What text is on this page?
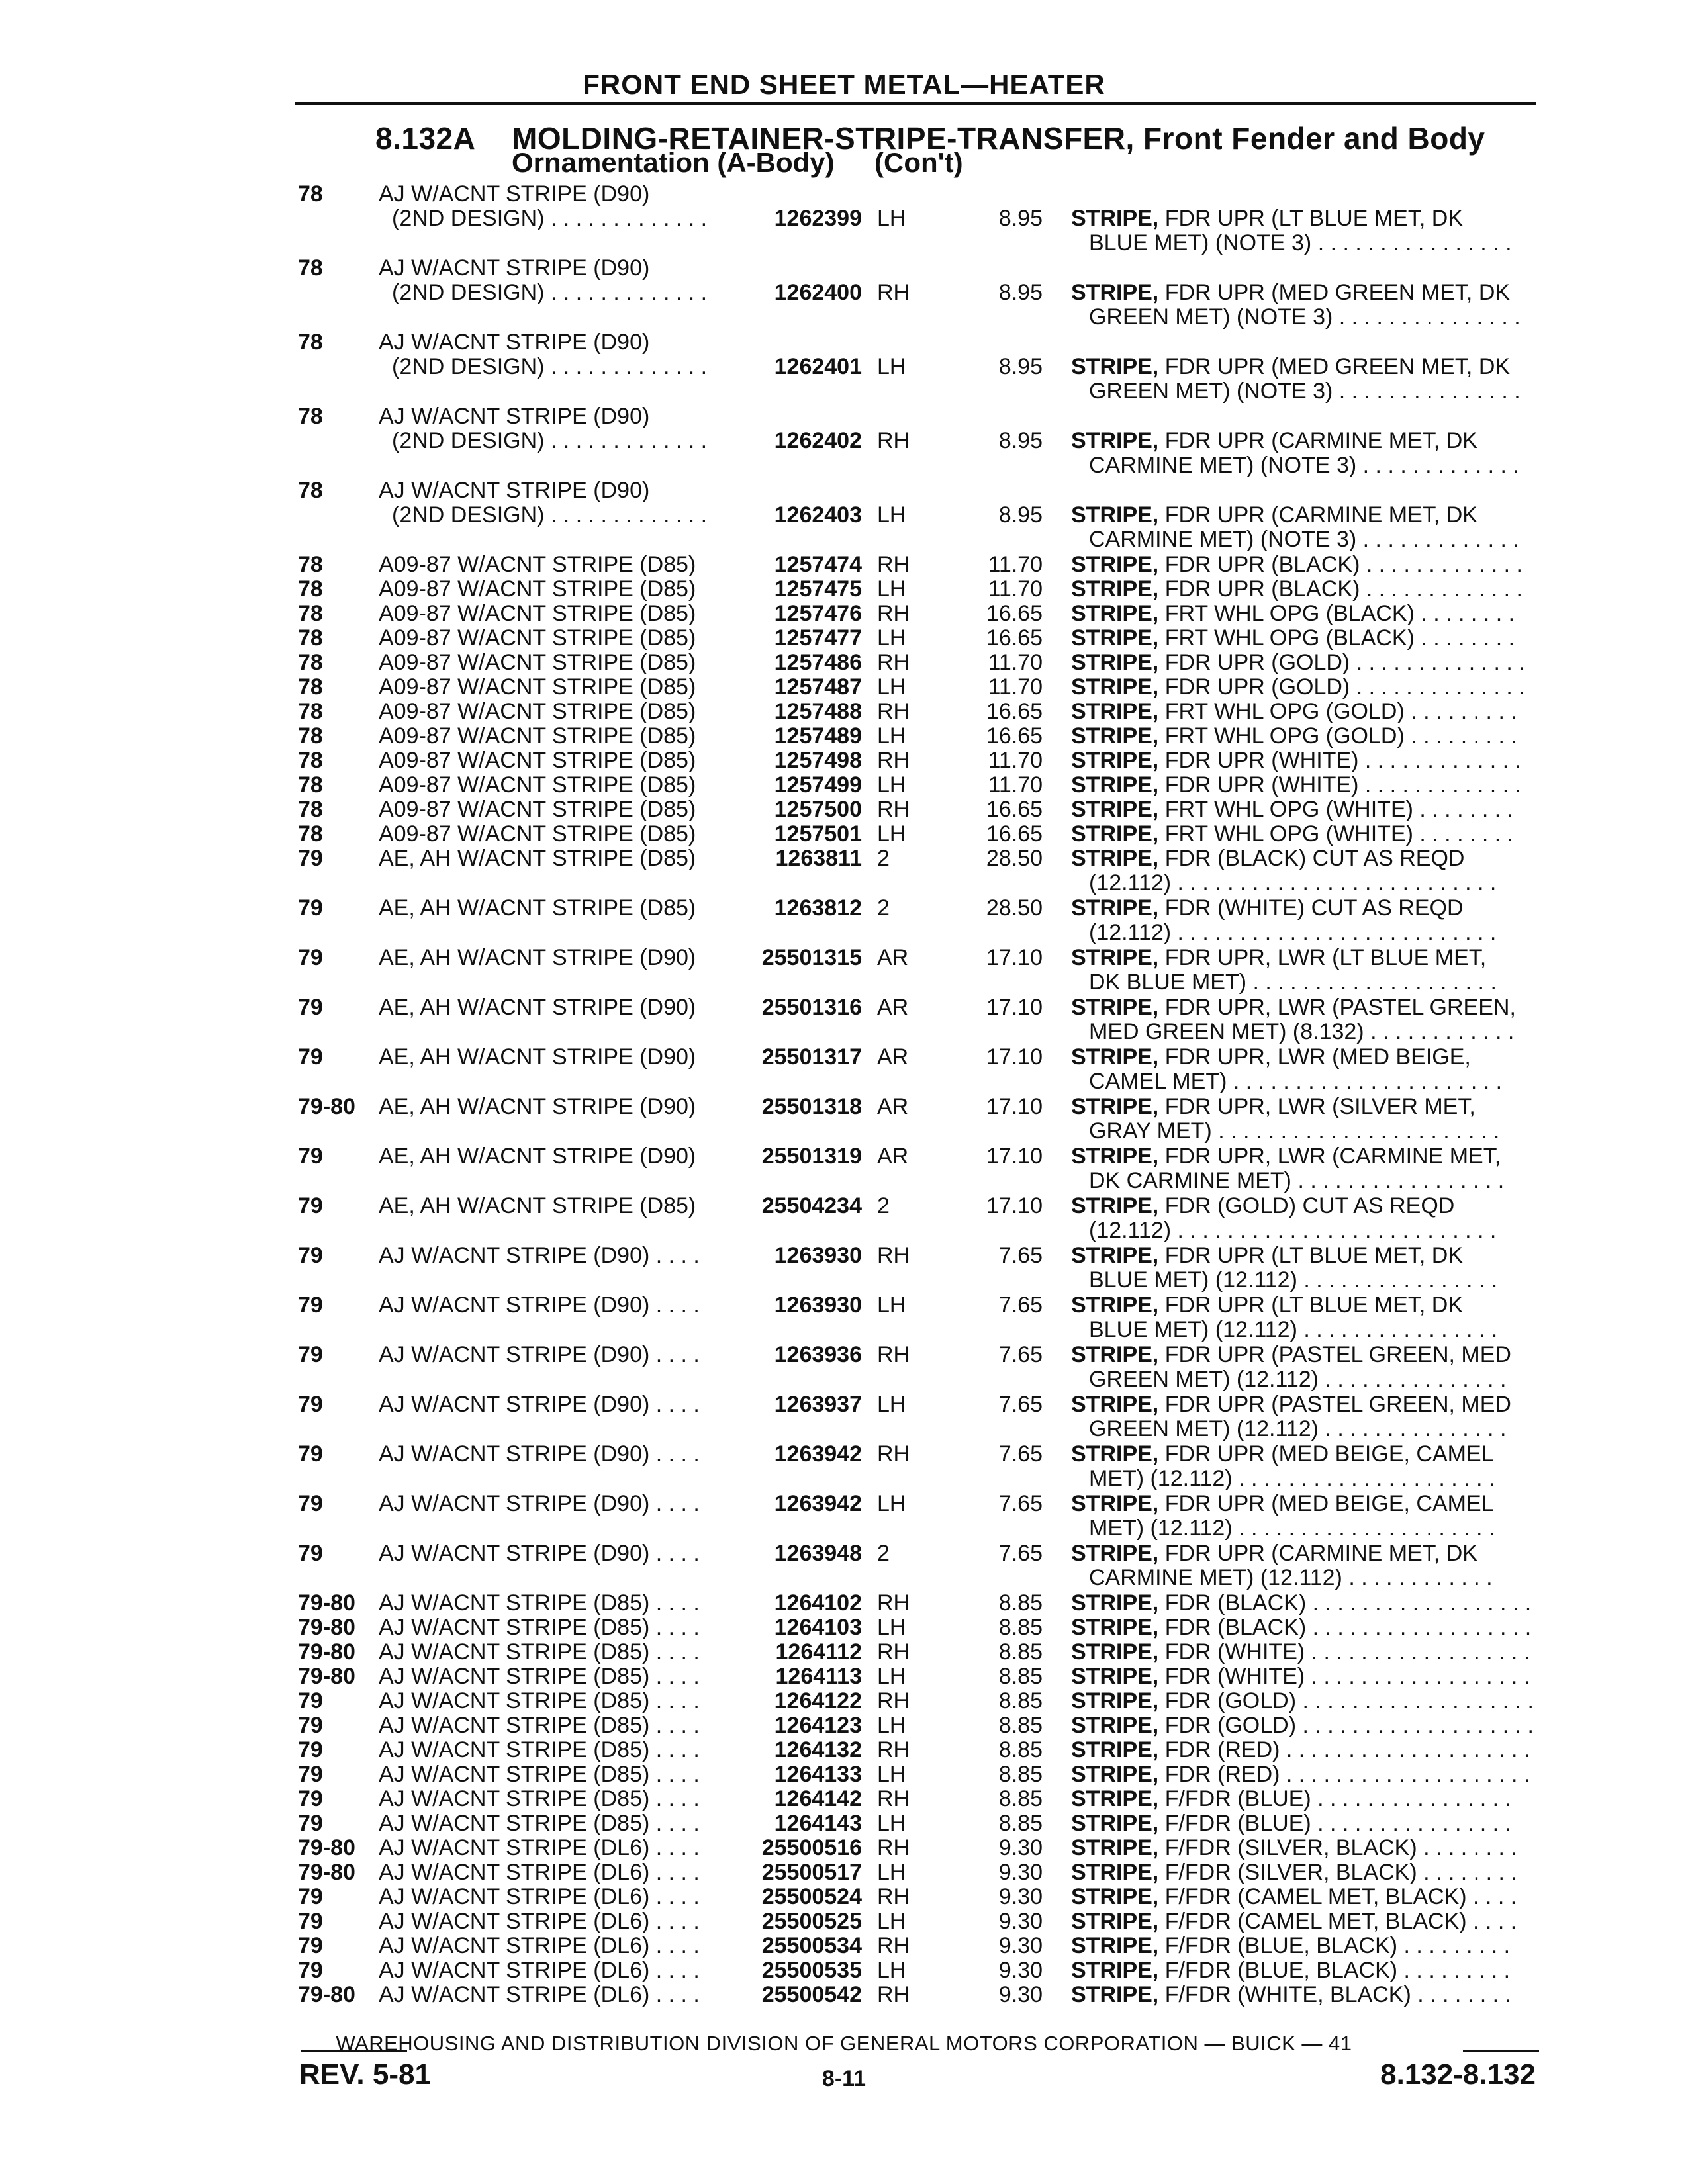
FRONT END SHEET METAL—HEATER
8.132A MOLDING-RETAINER-STRIPE-TRANSFER, Front Fender and Body
Ornamentation (A-Body) (Con't)
78 AJ W/ACNT STRIPE (D90)
(2ND DESIGN) . . . . . . . . . . . . .	1262399 LH	8.95 STRIPE, FDR UPR (LT BLUE MET, DK
BLUE MET) (NOTE 3) . . . . . . . . . . . . . . . .
78 AJ W/ACNT STRIPE (D90)
(2ND DESIGN) . . . . . . . . . . . . .	1262400 RH	8.95 STRIPE, FDR UPR (MED GREEN MET, DK
GREEN MET) (NOTE 3) . . . . . . . . . . . . . . .
78 AJ W/ACNT STRIPE (D90)
(2ND DESIGN) . . . . . . . . . . . . .	1262401 LH	8.95 STRIPE, FDR UPR (MED GREEN MET, DK
GREEN MET) (NOTE 3) . . . . . . . . . . . . . . .
78 AJ W/ACNT STRIPE (D90)
(2ND DESIGN) . . . . . . . . . . . . .	1262402 RH	8.95 STRIPE, FDR UPR (CARMINE MET, DK
CARMINE MET) (NOTE 3) . . . . . . . . . . . . .
78 AJ W/ACNT STRIPE (D90)
(2ND DESIGN) . . . . . . . . . . . . .	1262403 LH	8.95 STRIPE, FDR UPR (CARMINE MET, DK
CARMINE MET) (NOTE 3) . . . . . . . . . . . . .
78 A09-87 W/ACNT STRIPE (D85)	1257474 RH	11.70 STRIPE, FDR UPR (BLACK) . . . . . . . . . . . . .
78 A09-87 W/ACNT STRIPE (D85)	1257475 LH	11.70 STRIPE, FDR UPR (BLACK) . . . . . . . . . . . . .
78 A09-87 W/ACNT STRIPE (D85)	1257476 RH	16.65 STRIPE, FRT WHL OPG (BLACK) . . . . . . . .
78 A09-87 W/ACNT STRIPE (D85)	1257477 LH	16.65 STRIPE, FRT WHL OPG (BLACK) . . . . . . . .
78 A09-87 W/ACNT STRIPE (D85)	1257486 RH	11.70 STRIPE, FDR UPR (GOLD) . . . . . . . . . . . . . .
78 A09-87 W/ACNT STRIPE (D85)	1257487 LH	11.70 STRIPE, FDR UPR (GOLD) . . . . . . . . . . . . . .
78 A09-87 W/ACNT STRIPE (D85)	1257488 RH	16.65 STRIPE, FRT WHL OPG (GOLD) . . . . . . . . .
78 A09-87 W/ACNT STRIPE (D85)	1257489 LH	16.65 STRIPE, FRT WHL OPG (GOLD) . . . . . . . . .
78 A09-87 W/ACNT STRIPE (D85)	1257498 RH	11.70 STRIPE, FDR UPR (WHITE) . . . . . . . . . . . . .
78 A09-87 W/ACNT STRIPE (D85)	1257499 LH	11.70 STRIPE, FDR UPR (WHITE) . . . . . . . . . . . . .
78 A09-87 W/ACNT STRIPE (D85)	1257500 RH	16.65 STRIPE, FRT WHL OPG (WHITE) . . . . . . . .
78 A09-87 W/ACNT STRIPE (D85)	1257501 LH	16.65 STRIPE, FRT WHL OPG (WHITE) . . . . . . . .
79 AE, AH W/ACNT STRIPE (D85)	1263811 2	28.50 STRIPE, FDR (BLACK) CUT AS REQD
(12.112) . . . . . . . . . . . . . . . . . . . . . . . . . .
79 AE, AH W/ACNT STRIPE (D85)	1263812 2	28.50 STRIPE, FDR (WHITE) CUT AS REQD
(12.112) . . . . . . . . . . . . . . . . . . . . . . . . . .
79 AE, AH W/ACNT STRIPE (D90)	25501315 AR	17.10 STRIPE, FDR UPR, LWR (LT BLUE MET,
DK BLUE MET) . . . . . . . . . . . . . . . . . . . .
79 AE, AH W/ACNT STRIPE (D90)	25501316 AR	17.10 STRIPE, FDR UPR, LWR (PASTEL GREEN,
MED GREEN MET) (8.132) . . . . . . . . . . . .
79 AE, AH W/ACNT STRIPE (D90)	25501317 AR	17.10 STRIPE, FDR UPR, LWR (MED BEIGE,
CAMEL MET) . . . . . . . . . . . . . . . . . . . . . .
79-80 AE, AH W/ACNT STRIPE (D90)	25501318 AR	17.10 STRIPE, FDR UPR, LWR (SILVER MET,
GRAY MET) . . . . . . . . . . . . . . . . . . . . . . .
79 AE, AH W/ACNT STRIPE (D90)	25501319 AR	17.10 STRIPE, FDR UPR, LWR (CARMINE MET,
DK CARMINE MET) . . . . . . . . . . . . . . . . .
79 AE, AH W/ACNT STRIPE (D85)	25504234 2	17.10 STRIPE, FDR (GOLD) CUT AS REQD
(12.112) . . . . . . . . . . . . . . . . . . . . . . . . . .
79 AJ W/ACNT STRIPE (D90) . . . .	1263930 RH	7.65 STRIPE, FDR UPR (LT BLUE MET, DK
BLUE MET) (12.112) . . . . . . . . . . . . . . . .
79 AJ W/ACNT STRIPE (D90) . . . .	1263930 LH	7.65 STRIPE, FDR UPR (LT BLUE MET, DK
BLUE MET) (12.112) . . . . . . . . . . . . . . . .
79 AJ W/ACNT STRIPE (D90) . . . .	1263936 RH	7.65 STRIPE, FDR UPR (PASTEL GREEN, MED
GREEN MET) (12.112) . . . . . . . . . . . . . . .
79 AJ W/ACNT STRIPE (D90) . . . .	1263937 LH	7.65 STRIPE, FDR UPR (PASTEL GREEN, MED
GREEN MET) (12.112) . . . . . . . . . . . . . . .
79 AJ W/ACNT STRIPE (D90) . . . .	1263942 RH	7.65 STRIPE, FDR UPR (MED BEIGE, CAMEL
MET) (12.112) . . . . . . . . . . . . . . . . . . . . .
79 AJ W/ACNT STRIPE (D90) . . . .	1263942 LH	7.65 STRIPE, FDR UPR (MED BEIGE, CAMEL
MET) (12.112) . . . . . . . . . . . . . . . . . . . . .
79 AJ W/ACNT STRIPE (D90) . . . .	1263948 2	7.65 STRIPE, FDR UPR (CARMINE MET, DK
CARMINE MET) (12.112) . . . . . . . . . . . .
79-80 AJ W/ACNT STRIPE (D85) . . . .	1264102 RH	8.85 STRIPE, FDR (BLACK) . . . . . . . . . . . . . . . . . .
79-80 AJ W/ACNT STRIPE (D85) . . . .	1264103 LH	8.85 STRIPE, FDR (BLACK) . . . . . . . . . . . . . . . . . .
79-80 AJ W/ACNT STRIPE (D85) . . . .	1264112 RH	8.85 STRIPE, FDR (WHITE) . . . . . . . . . . . . . . . . . .
79-80 AJ W/ACNT STRIPE (D85) . . . .	1264113 LH	8.85 STRIPE, FDR (WHITE) . . . . . . . . . . . . . . . . . .
79 AJ W/ACNT STRIPE (D85) . . . .	1264122 RH	8.85 STRIPE, FDR (GOLD) . . . . . . . . . . . . . . . . . . .
79 AJ W/ACNT STRIPE (D85) . . . .	1264123 LH	8.85 STRIPE, FDR (GOLD) . . . . . . . . . . . . . . . . . . .
79 AJ W/ACNT STRIPE (D85) . . . .	1264132 RH	8.85 STRIPE, FDR (RED) . . . . . . . . . . . . . . . . . . . .
79 AJ W/ACNT STRIPE (D85) . . . .	1264133 LH	8.85 STRIPE, FDR (RED) . . . . . . . . . . . . . . . . . . . .
79 AJ W/ACNT STRIPE (D85) . . . .	1264142 RH	8.85 STRIPE, F/FDR (BLUE) . . . . . . . . . . . . . . . .
79 AJ W/ACNT STRIPE (D85) . . . .	1264143 LH	8.85 STRIPE, F/FDR (BLUE) . . . . . . . . . . . . . . . .
79-80 AJ W/ACNT STRIPE (DL6) . . . .	25500516 RH	9.30 STRIPE, F/FDR (SILVER, BLACK) . . . . . . . .
79-80 AJ W/ACNT STRIPE (DL6) . . . .	25500517 LH	9.30 STRIPE, F/FDR (SILVER, BLACK) . . . . . . . .
79 AJ W/ACNT STRIPE (DL6) . . . .	25500524 RH	9.30 STRIPE, F/FDR (CAMEL MET, BLACK) . . . .
79 AJ W/ACNT STRIPE (DL6) . . . .	25500525 LH	9.30 STRIPE, F/FDR (CAMEL MET, BLACK) . . . .
79 AJ W/ACNT STRIPE (DL6) . . . .	25500534 RH	9.30 STRIPE, F/FDR (BLUE, BLACK) . . . . . . . . .
79 AJ W/ACNT STRIPE (DL6) . . . .	25500535 LH	9.30 STRIPE, F/FDR (BLUE, BLACK) . . . . . . . . .
79-80 AJ W/ACNT STRIPE (DL6) . . . .	25500542 RH	9.30 STRIPE, F/FDR (WHITE, BLACK) . . . . . . . .
WAREHOUSING AND DISTRIBUTION DIVISION OF GENERAL MOTORS CORPORATION — BUICK — 41
REV. 5-81	8-11	8.132-8.132
